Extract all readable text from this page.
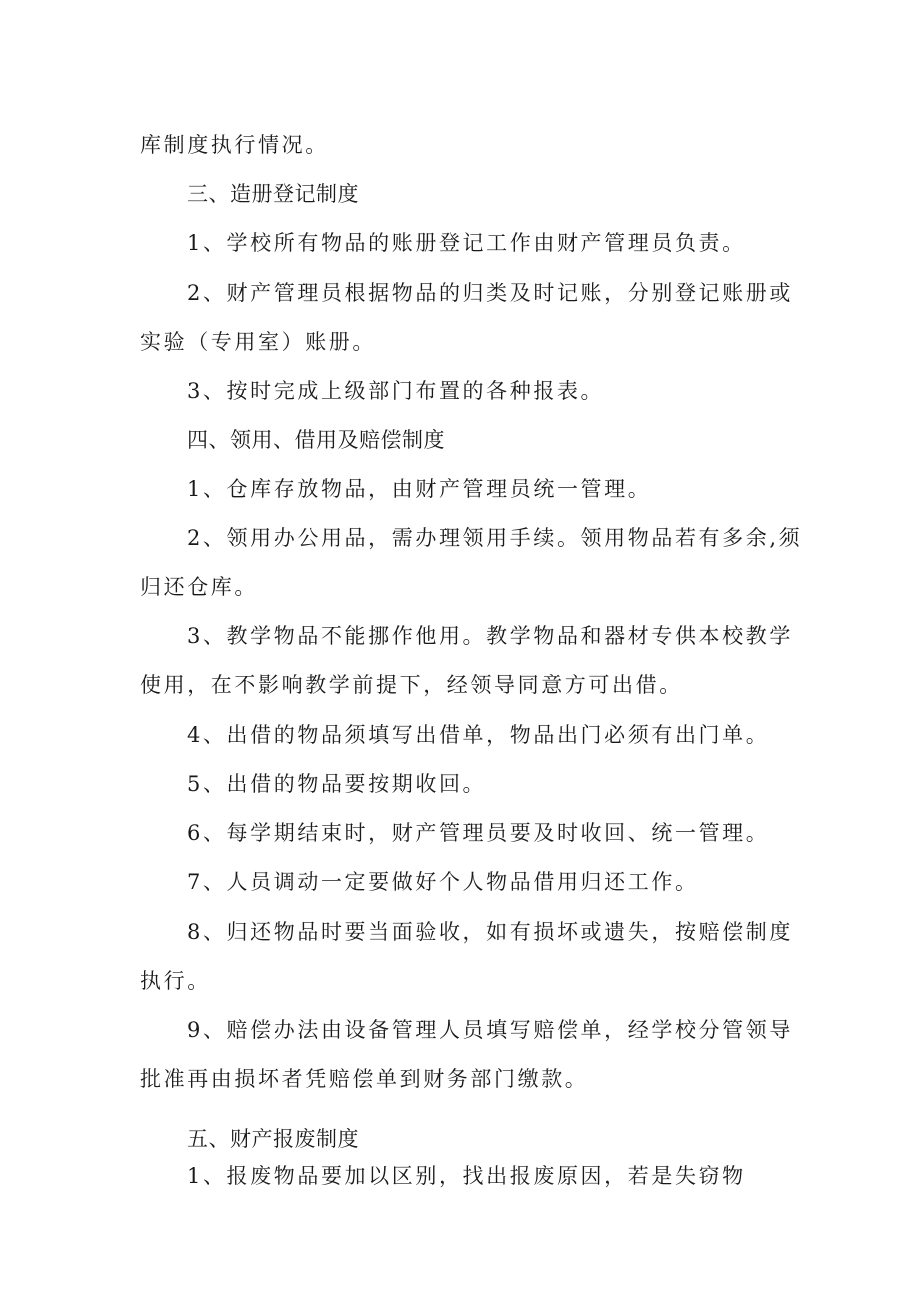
库制度执行情况。
三、造册登记制度
1、学校所有物品的账册登记工作由财产管理员负责。
2、财产管理员根据物品的归类及时记账，分别登记账册或
实验（专用室）账册。
3、按时完成上级部门布置的各种报表。
四、领用、借用及赔偿制度
1、仓库存放物品，由财产管理员统一管理。
2、领用办公用品，需办理领用手续。领用物品若有多余,须
归还仓库。
3、教学物品不能挪作他用。教学物品和器材专供本校教学
使用，在不影响教学前提下，经领导同意方可出借。
4、出借的物品须填写出借单，物品出门必须有出门单。
5、出借的物品要按期收回。
6、每学期结束时，财产管理员要及时收回、统一管理。
7、人员调动一定要做好个人物品借用归还工作。
8、归还物品时要当面验收，如有损坏或遗失，按赔偿制度
执行。
9、赔偿办法由设备管理人员填写赔偿单，经学校分管领导
批准再由损坏者凭赔偿单到财务部门缴款。
五、财产报废制度
1、报废物品要加以区别，找出报废原因，若是失窃物
